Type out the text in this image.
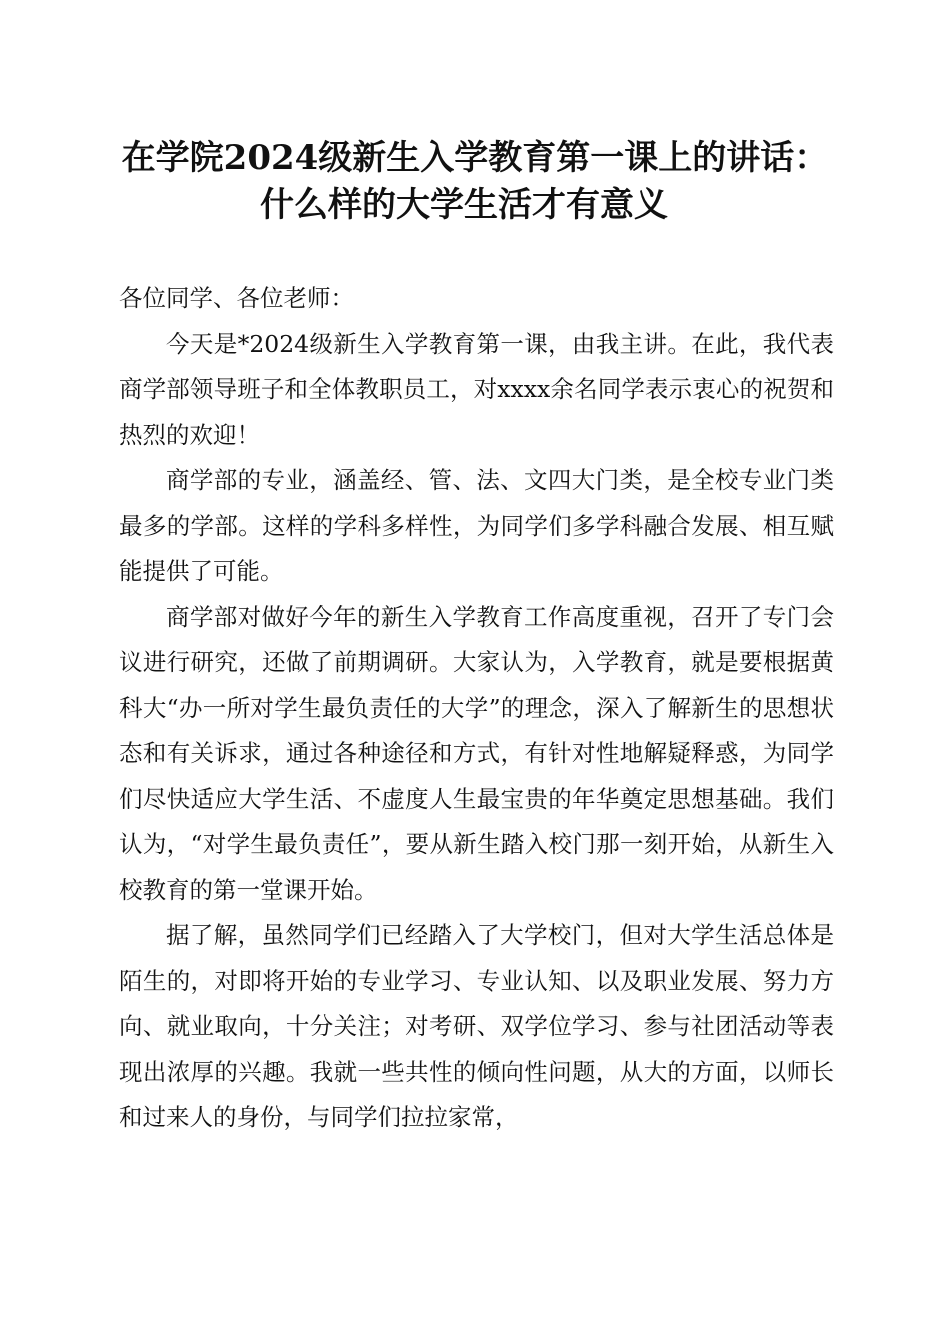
在学院2024级新生入学教育第一课上的讲话：
什么样的大学生活才有意义

各位同学、各位老师：

今天是*2024级新生入学教育第一课，由我主讲。在此，我代表商学部领导班子和全体教职员工，对xxxx余名同学表示衷心的祝贺和热烈的欢迎！

商学部的专业，涵盖经、管、法、文四大门类，是全校专业门类最多的学部。这样的学科多样性，为同学们多学科融合发展、相互赋能提供了可能。

商学部对做好今年的新生入学教育工作高度重视，召开了专门会议进行研究，还做了前期调研。大家认为，入学教育，就是要根据黄科大“办一所对学生最负责任的大学”的理念，深入了解新生的思想状态和有关诉求，通过各种途径和方式，有针对性地解疑释惑，为同学们尽快适应大学生活、不虚度人生最宝贵的年华奠定思想基础。我们认为，“对学生最负责任”，要从新生踏入校门那一刻开始，从新生入校教育的第一堂课开始。

据了解，虽然同学们已经踏入了大学校门，但对大学生活总体是陌生的，对即将开始的专业学习、专业认知、以及职业发展、努力方向、就业取向，十分关注；对考研、双学位学习、参与社团活动等表现出浓厚的兴趣。我就一些共性的倾向性问题，从大的方面，以师长和过来人的身份，与同学们拉拉家常，
